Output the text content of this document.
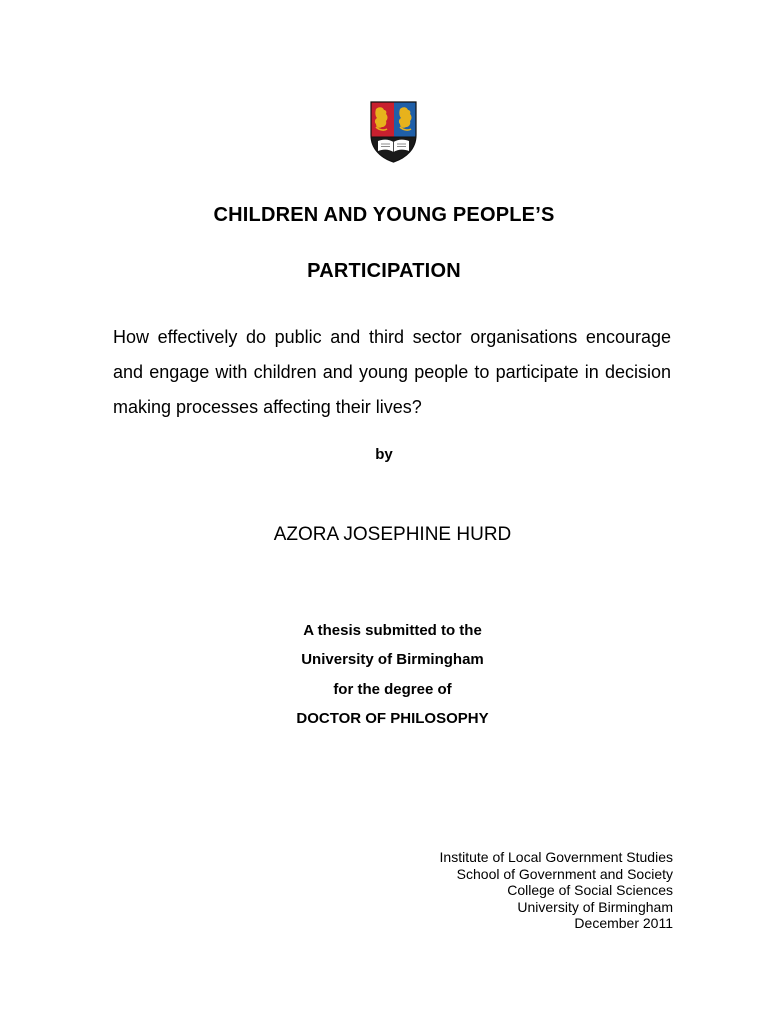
CHILDREN AND YOUNG PEOPLE’S
PARTICIPATION

How effectively do public and third sector organisations encourage and engage with children and young people to participate in decision making processes affecting their lives?

by
AZORA JOSEPHINE HURD
A thesis submitted to the
University of Birmingham
for the degree of
DOCTOR OF PHILOSOPHY
Institute of Local Government Studies
School of Government and Society
College of Social Sciences
University of Birmingham
December 2011
